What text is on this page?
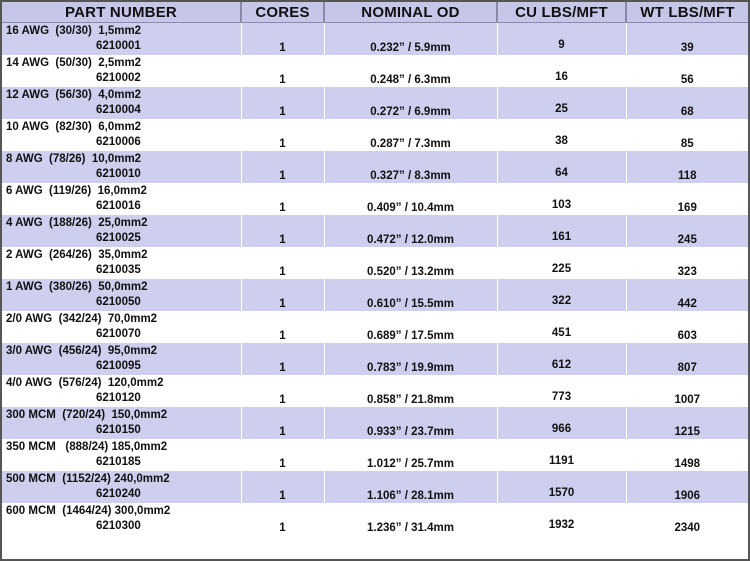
PART NUMBER	CORES	NOMINAL OD	CU LBS/MFT	WT LBS/MFT

16 AWG  (30/30)  1,5mm2
6210001	1	0.232” / 5.9mm	9	39

14 AWG  (50/30)  2,5mm2
6210002	1	0.248” / 6.3mm	16	56

12 AWG  (56/30)  4,0mm2
6210004	1	0.272” / 6.9mm	25	68

10 AWG  (82/30)  6,0mm2
6210006	1	0.287” / 7.3mm	38	85

8 AWG  (78/26)  10,0mm2
6210010	1	0.327” / 8.3mm	64	118

6 AWG  (119/26)  16,0mm2
6210016	1	0.409” / 10.4mm	103	169

4 AWG  (188/26)  25,0mm2
6210025	1	0.472” / 12.0mm	161	245

2 AWG  (264/26)  35,0mm2
6210035	1	0.520” / 13.2mm	225	323

1 AWG  (380/26)  50,0mm2
6210050	1	0.610” / 15.5mm	322	442

2/0 AWG  (342/24)  70,0mm2
6210070	1	0.689” / 17.5mm	451	603

3/0 AWG  (456/24)  95,0mm2
6210095	1	0.783” / 19.9mm	612	807

4/0 AWG  (576/24)  120,0mm2
6210120	1	0.858” / 21.8mm	773	1007

300 MCM  (720/24)  150,0mm2
6210150	1	0.933” / 23.7mm	966	1215

350 MCM   (888/24) 185,0mm2
6210185	1	1.012” / 25.7mm	1191	1498

500 MCM  (1152/24) 240,0mm2
6210240	1	1.106” / 28.1mm	1570	1906

600 MCM  (1464/24) 300,0mm2
6210300	1	1.236” / 31.4mm	1932	2340
